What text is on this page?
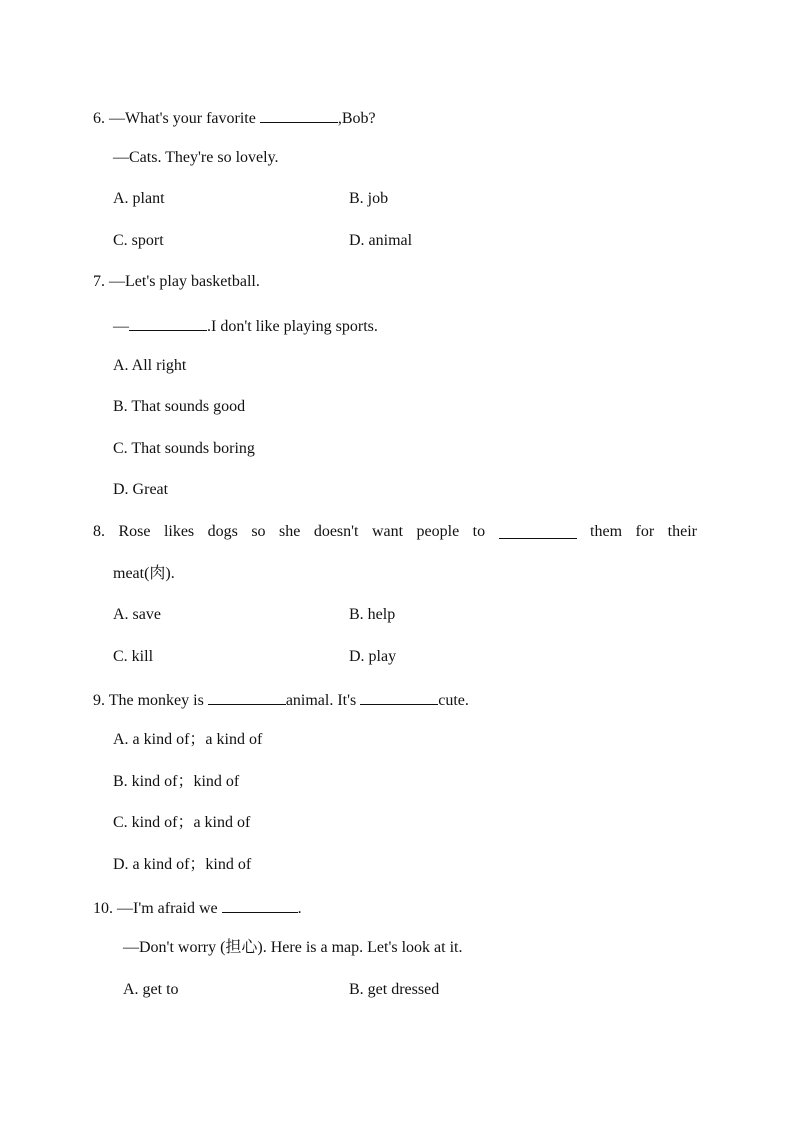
6. —What's your favorite	,Bob?
—Cats. They're so lovely.
A. plant	B. job
C. sport	D. animal
7. —Let's play basketball.
—	.I don't like playing sports.
A. All right
B. That sounds good
C. That sounds boring
D. Great
8. Rose likes dogs so she doesn't want people to	them for their
meat(肉).
A. save	B. help
C. kill	D. play
9. The monkey is	animal. It's	cute.
A. a kind of；a kind of
B. kind of；kind of
C. kind of；a kind of
D. a kind of；kind of
10. —I'm afraid we	.
—Don't worry (担心). Here is a map. Let's look at it.
A. get to	B. get dressed
